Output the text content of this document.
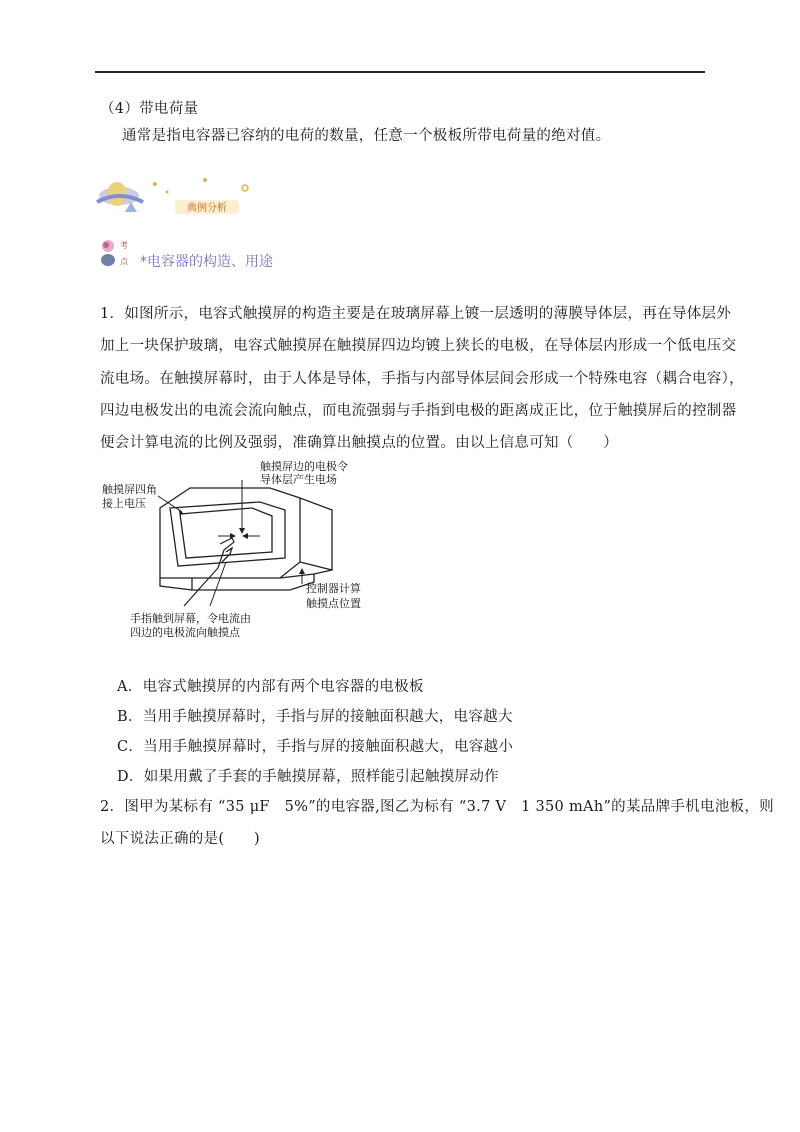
（4）带电荷量
通常是指电容器已容纳的电荷的数量，任意一个极板所带电荷量的绝对值。
典例分析
考
点 *电容器的构造、用途
1．如图所示，电容式触摸屏的构造主要是在玻璃屏幕上镀一层透明的薄膜导体层，再在导体层外
加上一块保护玻璃，电容式触摸屏在触摸屏四边均镀上狭长的电极，在导体层内形成一个低电压交
流电场。在触摸屏幕时，由于人体是导体，手指与内部导体层间会形成一个特殊电容（耦合电容），
四边电极发出的电流会流向触点，而电流强弱与手指到电极的距离成正比，位于触摸屏后的控制器
便会计算电流的比例及强弱，准确算出触摸点的位置。由以上信息可知（　　）
触摸屏边的电极令
导体层产生电场
触摸屏四角
接上电压
控制器计算
触摸点位置
手指触到屏幕，令电流由
四边的电极流向触摸点
A．电容式触摸屏的内部有两个电容器的电极板
B．当用手触摸屏幕时，手指与屏的接触面积越大，电容越大
C．当用手触摸屏幕时，手指与屏的接触面积越大，电容越小
D．如果用戴了手套的手触摸屏幕，照样能引起触摸屏动作
2．图甲为某标有 “35 μF　5%”的电容器,图乙为标有 “3.7 V　1 350 mAh”的某品牌手机电池板，则
以下说法正确的是(　　)
